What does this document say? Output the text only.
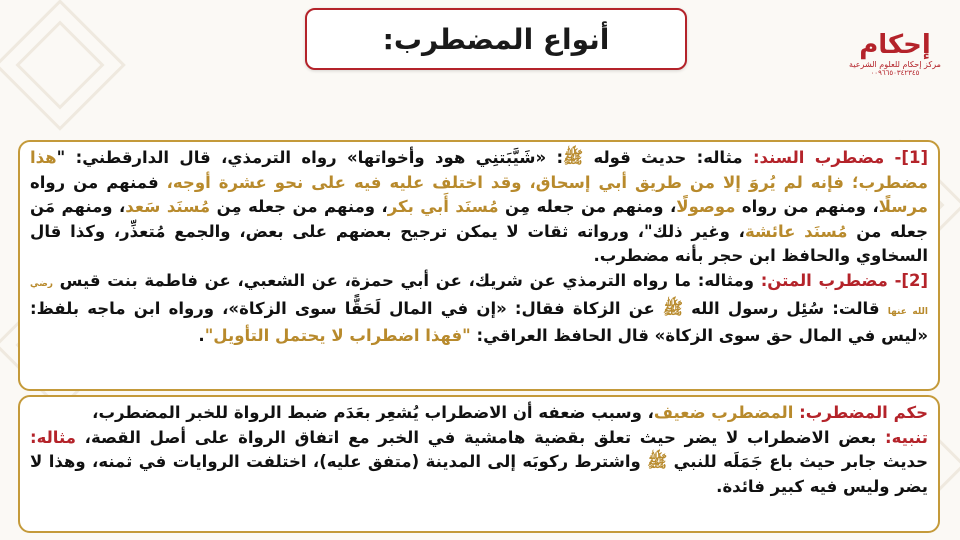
أنواع المضطرب:	إحكام
مركز إحكام للعلوم الشرعية
٠٠٩٦٦٥٠٣٤٢٣٤٥

[1]- مضطرب السند: مثاله: حديث قوله ﷺ: «شَيَّبَتنِي هود وأخواتها» رواه الترمذي، قال الدارقطني: "هذا مضطرب؛ فإنه لم يُروَ إلا من طريق أبي إسحاق، وقد اختلف عليه فيه على نحو عشرة أوجه، فمنهم من رواه مرسلًا، ومنهم من رواه موصولًا، ومنهم من جعله مِن مُسنَد أَبي بكر، ومنهم من جعله مِن مُسنَد سَعد، ومنهم مَن جعله من مُسنَد عائشة، وغير ذلك"، ورواته ثقات لا يمكن ترجيح بعضهم على بعض، والجمع مُتعذِّر، وكذا قال السخاوي والحافظ ابن حجر بأنه مضطرب.

[2]- مضطرب المتن: ومثاله: ما رواه الترمذي عن شريك، عن أبي حمزة، عن الشعبي، عن فاطمة بنت قيس رضي الله عنها قالت: سُئِل رسول الله ﷺ عن الزكاة فقال: «إن في المال لَحَقًّا سوى الزكاة»، ورواه ابن ماجه بلفظ: «ليس في المال حق سوى الزكاة» قال الحافظ العراقي: "فهذا اضطراب لا يحتمل التأويل".

حكم المضطرب: المضطرب ضعيف، وسبب ضعفه أن الاضطراب يُشعِر بعَدَم ضبط الرواة للخبر المضطرب،
تنبيه: بعض الاضطراب لا يضر حيث تعلق بقضية هامشية في الخبر مع اتفاق الرواة على أصل القصة، مثاله: حديث جابر حيث باع جَمَلَه للنبي ﷺ واشترط ركوبَه إلى المدينة (متفق عليه)، اختلفت الروايات في ثمنه، وهذا لا يضر وليس فيه كبير فائدة.
